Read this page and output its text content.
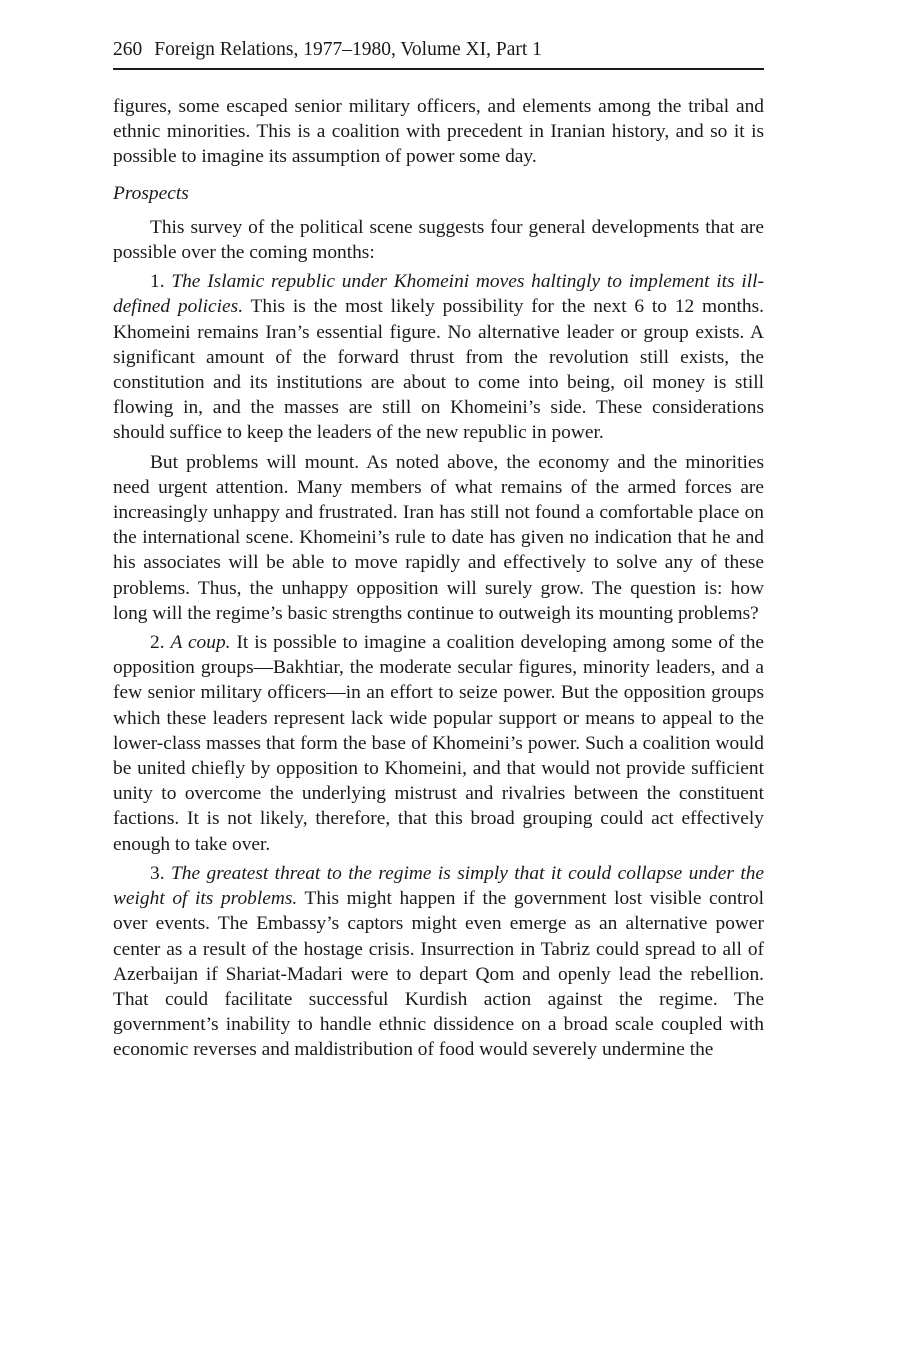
260 Foreign Relations, 1977–1980, Volume XI, Part 1

figures, some escaped senior military officers, and elements among the tribal and ethnic minorities. This is a coalition with precedent in Iranian history, and so it is possible to imagine its assumption of power some day.

Prospects

This survey of the political scene suggests four general developments that are possible over the coming months:

1. The Islamic republic under Khomeini moves haltingly to implement its ill-defined policies. This is the most likely possibility for the next 6 to 12 months. Khomeini remains Iran’s essential figure. No alternative leader or group exists. A significant amount of the forward thrust from the revolution still exists, the constitution and its institutions are about to come into being, oil money is still flowing in, and the masses are still on Khomeini’s side. These considerations should suffice to keep the leaders of the new republic in power.

But problems will mount. As noted above, the economy and the minorities need urgent attention. Many members of what remains of the armed forces are increasingly unhappy and frustrated. Iran has still not found a comfortable place on the international scene. Khomeini’s rule to date has given no indication that he and his associates will be able to move rapidly and effectively to solve any of these problems. Thus, the unhappy opposition will surely grow. The question is: how long will the regime’s basic strengths continue to outweigh its mounting problems?

2. A coup. It is possible to imagine a coalition developing among some of the opposition groups—Bakhtiar, the moderate secular figures, minority leaders, and a few senior military officers—in an effort to seize power. But the opposition groups which these leaders represent lack wide popular support or means to appeal to the lower-class masses that form the base of Khomeini’s power. Such a coalition would be united chiefly by opposition to Khomeini, and that would not provide sufficient unity to overcome the underlying mistrust and rivalries between the constituent factions. It is not likely, therefore, that this broad grouping could act effectively enough to take over.

3. The greatest threat to the regime is simply that it could collapse under the weight of its problems. This might happen if the government lost visible control over events. The Embassy’s captors might even emerge as an alternative power center as a result of the hostage crisis. Insurrection in Tabriz could spread to all of Azerbaijan if Shariat-Madari were to depart Qom and openly lead the rebellion. That could facilitate successful Kurdish action against the regime. The government’s inability to handle ethnic dissidence on a broad scale coupled with economic reverses and maldistribution of food would severely undermine the
